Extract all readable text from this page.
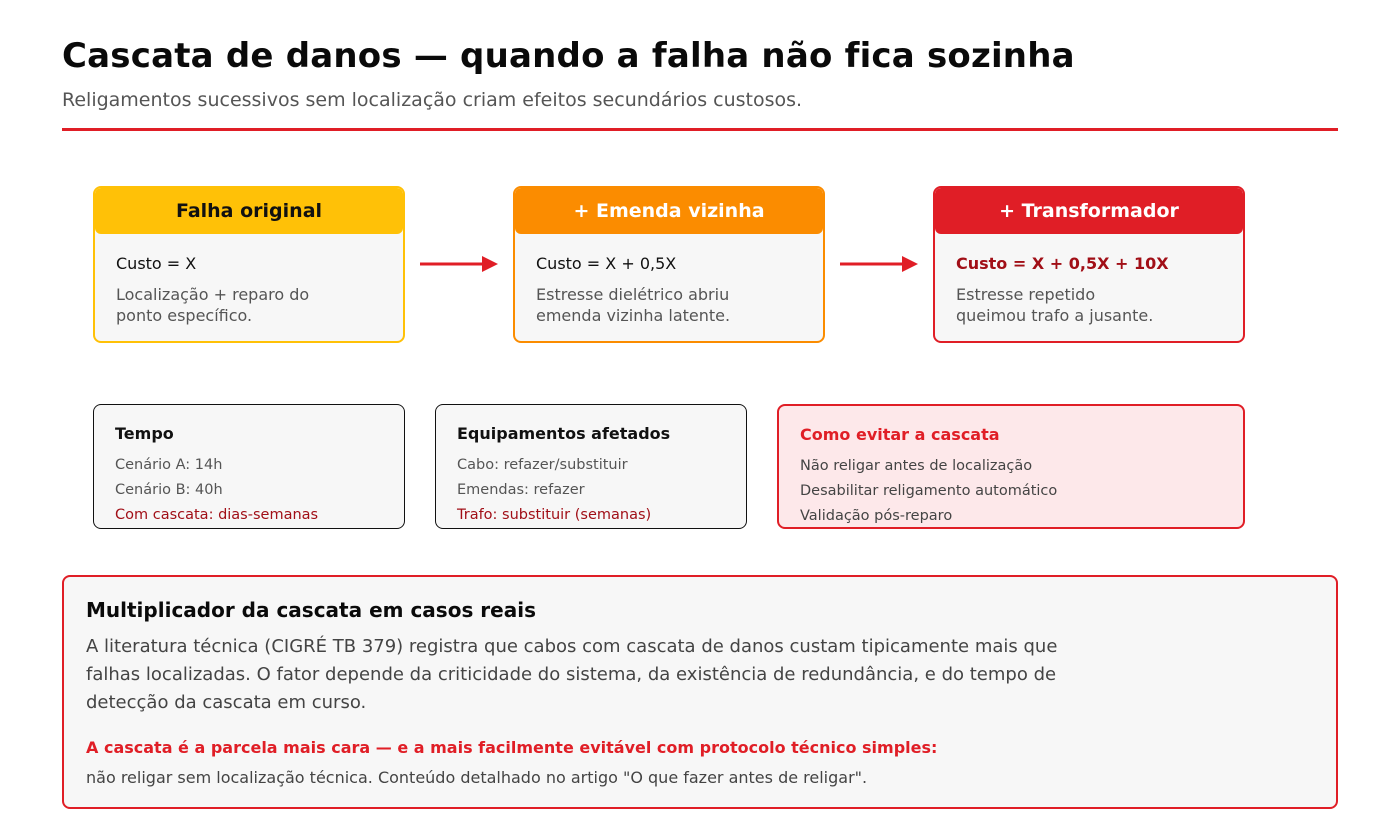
Cascata de danos — quando a falha não fica sozinha
Religamentos sucessivos sem localização criam efeitos secundários custosos.
Falha original
Custo = X
Localização + reparo do
ponto específico.
+ Emenda vizinha
Custo = X + 0,5X
Estresse dielétrico abriu
emenda vizinha latente.
+ Transformador
Custo = X + 0,5X + 10X
Estresse repetido
queimou trafo a jusante.
Tempo
Cenário A: 14h
Cenário B: 40h
Com cascata: dias-semanas
Equipamentos afetados
Cabo: refazer/substituir
Emendas: refazer
Trafo: substituir (semanas)
Como evitar a cascata
Não religar antes de localização
Desabilitar religamento automático
Validação pós-reparo
Multiplicador da cascata em casos reais
A literatura técnica (CIGRÉ TB 379) registra que cabos com cascata de danos custam tipicamente mais que falhas localizadas. O fator depende da criticidade do sistema, da existência de redundância, e do tempo de detecção da cascata em curso.
A cascata é a parcela mais cara — e a mais facilmente evitável com protocolo técnico simples:
não religar sem localização técnica. Conteúdo detalhado no artigo "O que fazer antes de religar".
